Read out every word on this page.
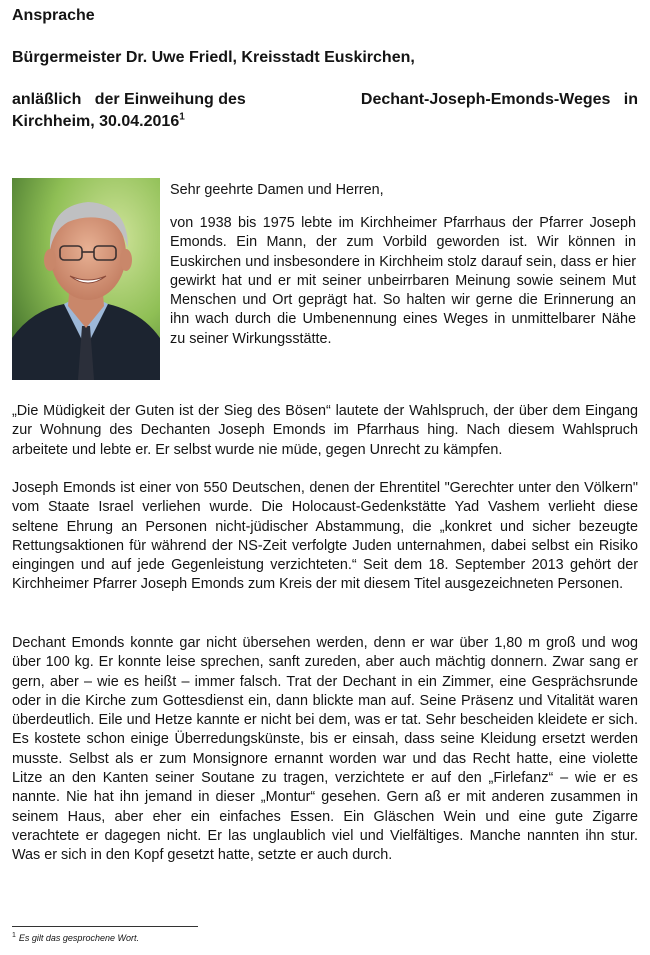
Ansprache

Bürgermeister Dr. Uwe Friedl, Kreisstadt Euskirchen,

anläßlich   der Einweihung des	Dechant-Joseph-Emonds-Weges   in
Kirchheim, 30.04.2016$^1$

Sehr geehrte Damen und Herren,

von 1938 bis 1975 lebte im Kirchheimer Pfarrhaus der Pfarrer Joseph Emonds. Ein Mann, der zum Vorbild geworden ist. Wir können in Euskirchen und insbesondere in Kirchheim stolz darauf sein, dass er hier gewirkt hat und er mit seiner unbeirrbaren Meinung sowie seinem Mut Menschen und Ort geprägt hat. So halten wir gerne die Erinnerung an ihn wach durch die Umbenennung eines Weges in unmittelbarer Nähe zu seiner Wirkungsstätte.

„Die Müdigkeit der Guten ist der Sieg des Bösen“ lautete der Wahlspruch, der über dem Eingang zur Wohnung des Dechanten Joseph Emonds im Pfarrhaus hing. Nach diesem Wahlspruch arbeitete und lebte er. Er selbst wurde nie müde, gegen Unrecht zu kämpfen.

Joseph Emonds ist einer von 550 Deutschen, denen der Ehrentitel "Gerechter unter den Völkern" vom Staate Israel verliehen wurde. Die Holocaust-Gedenkstätte Yad Vashem verlieht diese seltene Ehrung an Personen nicht-jüdischer Abstammung, die „konkret und sicher bezeugte Rettungsaktionen für während der NS-Zeit verfolgte Juden unternahmen, dabei selbst ein Risiko eingingen und auf jede Gegenleistung verzichteten.“ Seit dem 18. September 2013 gehört der Kirchheimer Pfarrer Joseph Emonds zum Kreis der mit diesem Titel ausgezeichneten Personen.

Dechant Emonds konnte gar nicht übersehen werden, denn er war über 1,80 m groß und wog über 100 kg. Er konnte leise sprechen, sanft zureden, aber auch mächtig donnern. Zwar sang er gern, aber – wie es heißt – immer falsch. Trat der Dechant in ein Zimmer, eine Gesprächsrunde oder in die Kirche zum Gottesdienst ein, dann blickte man auf. Seine Präsenz und Vitalität waren überdeutlich. Eile und Hetze kannte er nicht bei dem, was er tat. Sehr bescheiden kleidete er sich. Es kostete schon einige Überredungskünste, bis er einsah, dass seine Kleidung ersetzt werden musste. Selbst als er zum Monsignore ernannt worden war und das Recht hatte, eine violette Litze an den Kanten seiner Soutane zu tragen, verzichtete er auf den „Firlefanz“ – wie er es nannte. Nie hat ihn jemand in dieser „Montur“ gesehen. Gern aß er mit anderen zusammen in seinem Haus, aber eher ein einfaches Essen. Ein Gläschen Wein und eine gute Zigarre verachtete er dagegen nicht. Er las unglaublich viel und Vielfältiges. Manche nannten ihn stur. Was er sich in den Kopf gesetzt hatte, setzte er auch durch.

$^1$ Es gilt das gesprochene Wort.
